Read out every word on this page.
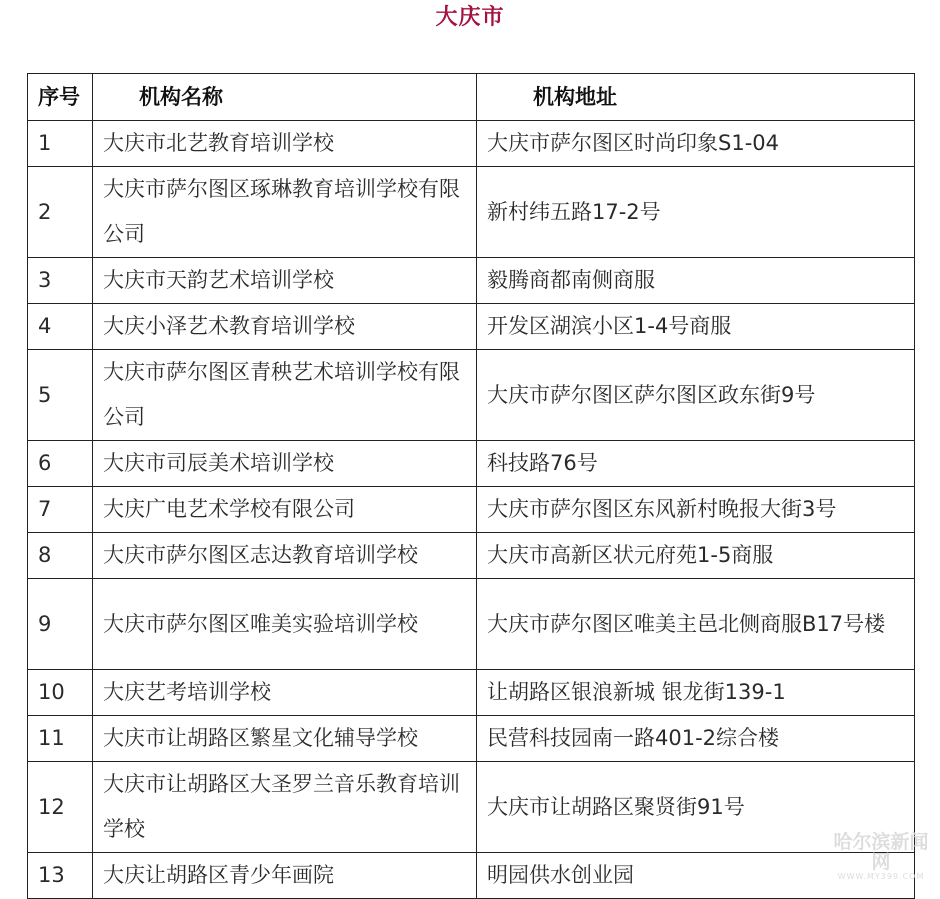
大庆市
序号	机构名称	机构地址
1	大庆市北艺教育培训学校	大庆市萨尔图区时尚印象S1-04
2	大庆市萨尔图区琢琳教育培训学校有限公司	新村纬五路17-2号
3	大庆市天韵艺术培训学校	毅腾商都南侧商服
4	大庆小泽艺术教育培训学校	开发区湖滨小区1-4号商服
5	大庆市萨尔图区青秧艺术培训学校有限公司	大庆市萨尔图区萨尔图区政东街9号
6	大庆市司辰美术培训学校	科技路76号
7	大庆广电艺术学校有限公司	大庆市萨尔图区东风新村晚报大街3号
8	大庆市萨尔图区志达教育培训学校	大庆市高新区状元府苑1-5商服
9	大庆市萨尔图区唯美实验培训学校	大庆市萨尔图区唯美主邑北侧商服B17号楼
10	大庆艺考培训学校	让胡路区银浪新城 银龙街139-1
11	大庆市让胡路区繁星文化辅导学校	民营科技园南一路401-2综合楼
12	大庆市让胡路区大圣罗兰音乐教育培训学校	大庆市让胡路区聚贤街91号
13	大庆让胡路区青少年画院	明园供水创业园
哈尔滨新闻网
WWW.MY399.COM
